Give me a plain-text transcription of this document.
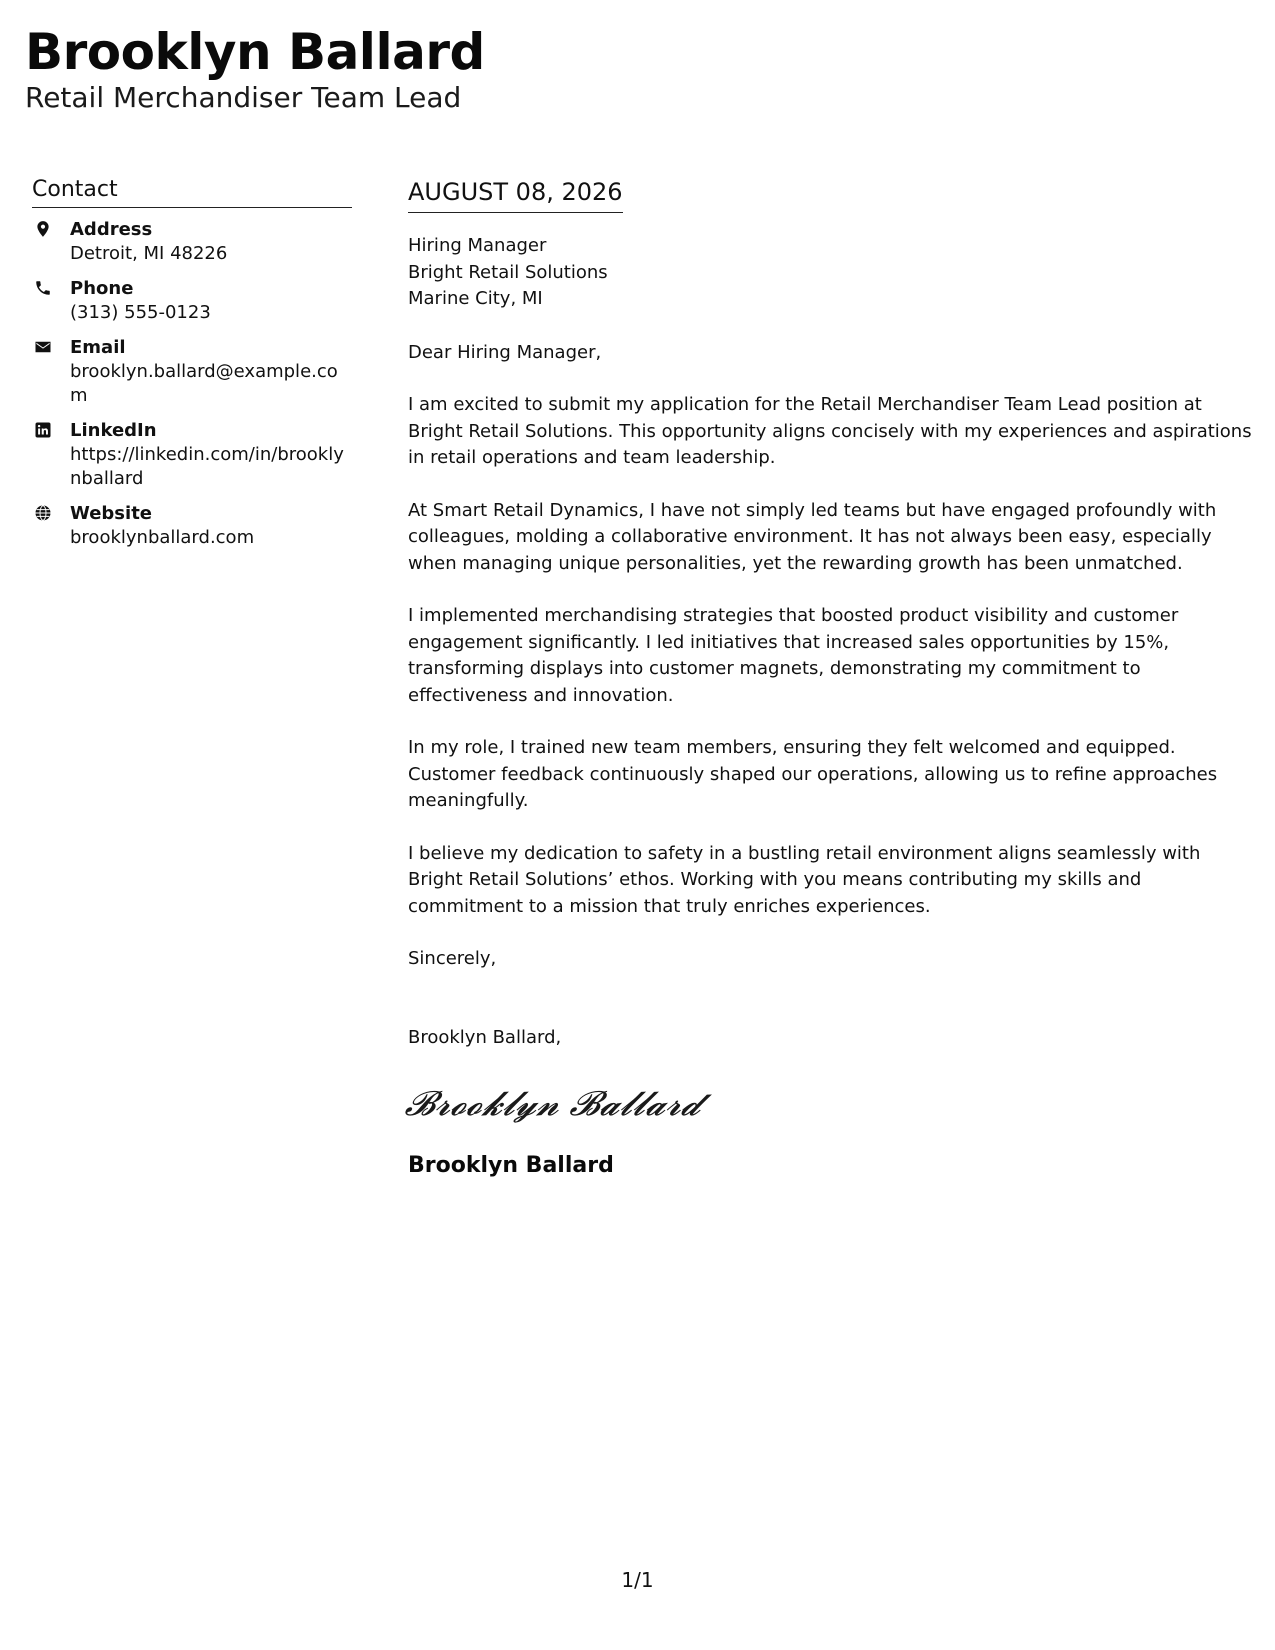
Brooklyn Ballard
Retail Merchandiser Team Lead
Contact
Address
Detroit, MI 48226
Phone
(313) 555-0123
Email
brooklyn.ballard@example.com
LinkedIn
https://linkedin.com/in/brooklynballard
Website
brooklynballard.com
AUGUST 08, 2026
Hiring Manager
Bright Retail Solutions
Marine City, MI
Dear Hiring Manager,
I am excited to submit my application for the Retail Merchandiser Team Lead position at Bright Retail Solutions. This opportunity aligns concisely with my experiences and aspirations in retail operations and team leadership.
At Smart Retail Dynamics, I have not simply led teams but have engaged profoundly with colleagues, molding a collaborative environment. It has not always been easy, especially when managing unique personalities, yet the rewarding growth has been unmatched.
I implemented merchandising strategies that boosted product visibility and customer engagement significantly. I led initiatives that increased sales opportunities by 15%, transforming displays into customer magnets, demonstrating my commitment to effectiveness and innovation.
In my role, I trained new team members, ensuring they felt welcomed and equipped. Customer feedback continuously shaped our operations, allowing us to refine approaches meaningfully.
I believe my dedication to safety in a bustling retail environment aligns seamlessly with Bright Retail Solutions’ ethos. Working with you means contributing my skills and commitment to a mission that truly enriches experiences.
Sincerely,
Brooklyn Ballard,
𝓑𝓻𝓸𝓸𝓴𝓵𝔂𝓷 𝓑𝓪𝓵𝓵𝓪𝓻𝓭
Brooklyn Ballard
1/1
